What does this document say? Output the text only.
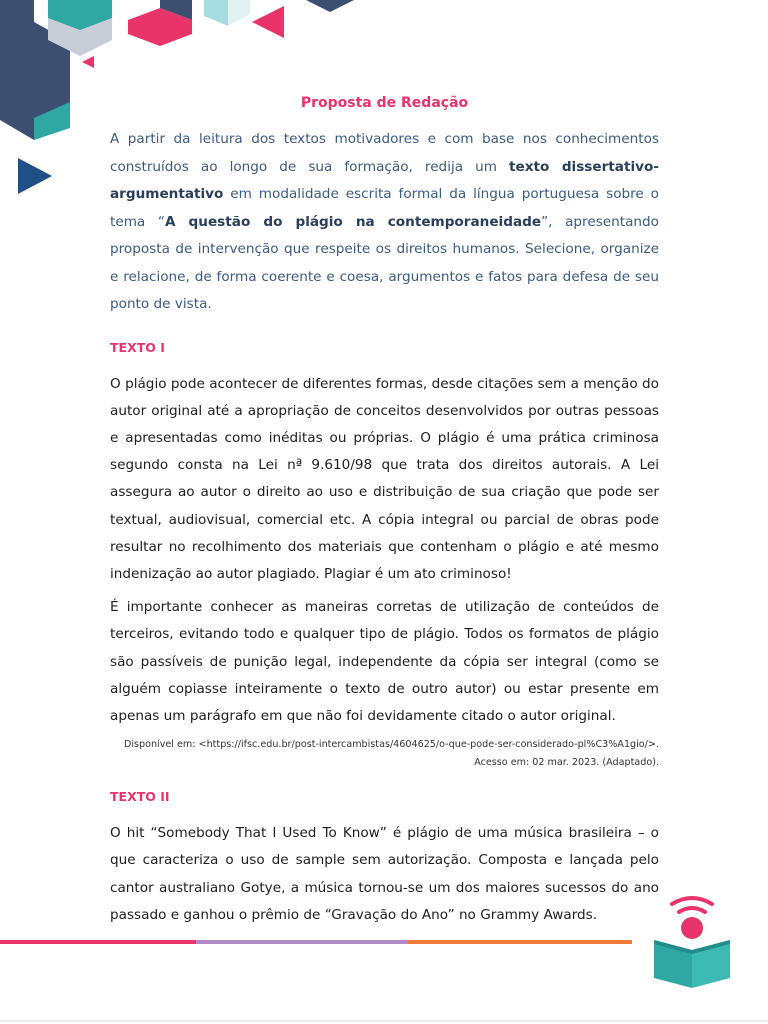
Proposta de Redação

A partir da leitura dos textos motivadores e com base nos conhecimentos construídos ao longo de sua formação, redija um texto dissertativo-argumentativo em modalidade escrita formal da língua portuguesa sobre o tema “A questão do plágio na contemporaneidade”, apresentando proposta de intervenção que respeite os direitos humanos. Selecione, organize e relacione, de forma coerente e coesa, argumentos e fatos para defesa de seu ponto de vista.

TEXTO I

O plágio pode acontecer de diferentes formas, desde citações sem a menção do autor original até a apropriação de conceitos desenvolvidos por outras pessoas e apresentadas como inéditas ou próprias. O plágio é uma prática criminosa segundo consta na Lei nª 9.610/98 que trata dos direitos autorais. A Lei assegura ao autor o direito ao uso e distribuição de sua criação que pode ser textual, audiovisual, comercial etc. A cópia integral ou parcial de obras pode resultar no recolhimento dos materiais que contenham o plágio e até mesmo indenização ao autor plagiado. Plagiar é um ato criminoso!

É importante conhecer as maneiras corretas de utilização de conteúdos de terceiros, evitando todo e qualquer tipo de plágio. Todos os formatos de plágio são passíveis de punição legal, independente da cópia ser integral (como se alguém copiasse inteiramente o texto de outro autor) ou estar presente em apenas um parágrafo em que não foi devidamente citado o autor original.

Disponível em: <https://ifsc.edu.br/post-intercambistas/4604625/o-que-pode-ser-considerado-pl%C3%A1gio/>.
Acesso em: 02 mar. 2023. (Adaptado).
TEXTO II

O hit “Somebody That I Used To Know” é plágio de uma música brasileira – o que caracteriza o uso de sample sem autorização. Composta e lançada pelo cantor australiano Gotye, a música tornou-se um dos maiores sucessos do ano passado e ganhou o prêmio de “Gravação do Ano” no Grammy Awards.
